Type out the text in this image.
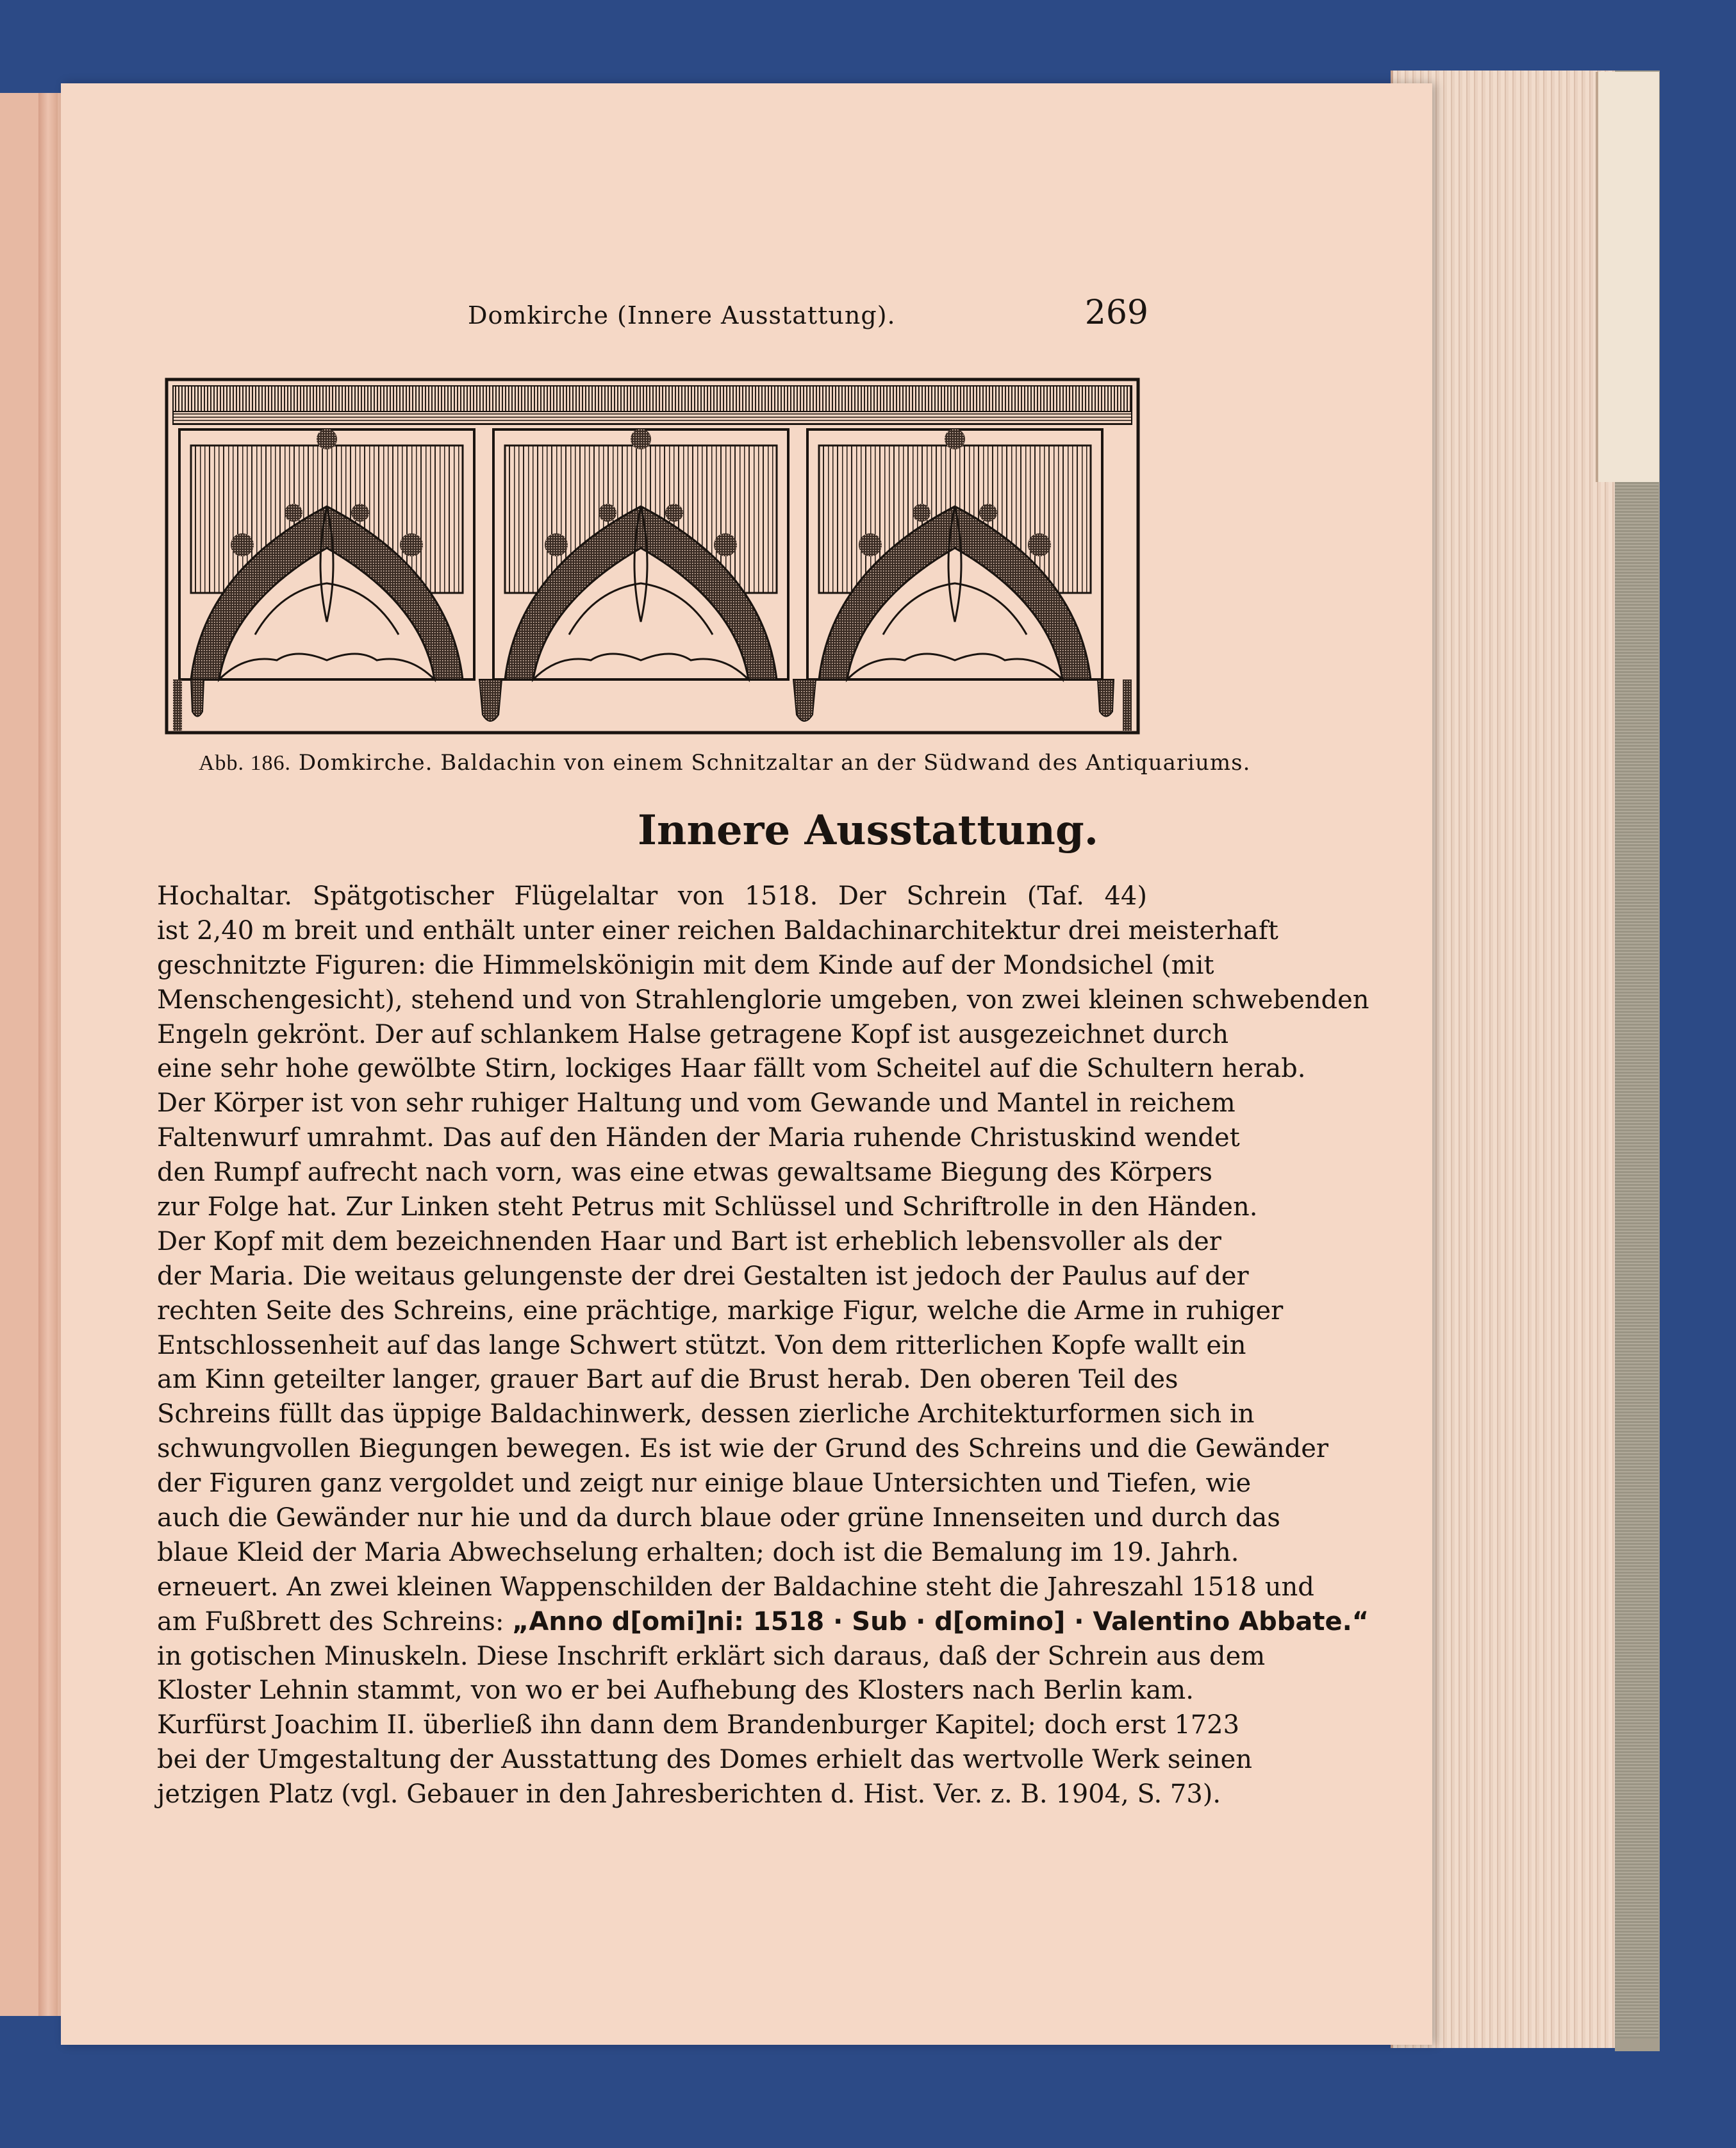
Domkirche (Innere Ausstattung).	269
Abb. 186. Domkirche. Baldachin von einem Schnitzaltar an der Südwand des Antiquariums.
Innere Ausstattung.
Hochaltar. Spätgotischer Flügelaltar von 1518. Der Schrein (Taf. 44)
ist 2,40 m breit und enthält unter einer reichen Baldachinarchitektur drei meisterhaft
geschnitzte Figuren: die Himmelskönigin mit dem Kinde auf der Mondsichel (mit
Menschengesicht), stehend und von Strahlenglorie umgeben, von zwei kleinen schwebenden
Engeln gekrönt. Der auf schlankem Halse getragene Kopf ist ausgezeichnet durch
eine sehr hohe gewölbte Stirn, lockiges Haar fällt vom Scheitel auf die Schultern herab.
Der Körper ist von sehr ruhiger Haltung und vom Gewande und Mantel in reichem
Faltenwurf umrahmt. Das auf den Händen der Maria ruhende Christuskind wendet
den Rumpf aufrecht nach vorn, was eine etwas gewaltsame Biegung des Körpers
zur Folge hat. Zur Linken steht Petrus mit Schlüssel und Schriftrolle in den Händen.
Der Kopf mit dem bezeichnenden Haar und Bart ist erheblich lebensvoller als der
der Maria. Die weitaus gelungenste der drei Gestalten ist jedoch der Paulus auf der
rechten Seite des Schreins, eine prächtige, markige Figur, welche die Arme in ruhiger
Entschlossenheit auf das lange Schwert stützt. Von dem ritterlichen Kopfe wallt ein
am Kinn geteilter langer, grauer Bart auf die Brust herab. Den oberen Teil des
Schreins füllt das üppige Baldachinwerk, dessen zierliche Architekturformen sich in
schwungvollen Biegungen bewegen. Es ist wie der Grund des Schreins und die Gewänder
der Figuren ganz vergoldet und zeigt nur einige blaue Untersichten und Tiefen, wie
auch die Gewänder nur hie und da durch blaue oder grüne Innenseiten und durch das
blaue Kleid der Maria Abwechselung erhalten; doch ist die Bemalung im 19. Jahrh.
erneuert. An zwei kleinen Wappenschilden der Baldachine steht die Jahreszahl 1518 und
am Fußbrett des Schreins: „Anno d[omi]ni: 1518 · Sub · d[omino] · Valentino Abbate.“
in gotischen Minuskeln. Diese Inschrift erklärt sich daraus, daß der Schrein aus dem
Kloster Lehnin stammt, von wo er bei Aufhebung des Klosters nach Berlin kam.
Kurfürst Joachim II. überließ ihn dann dem Brandenburger Kapitel; doch erst 1723
bei der Umgestaltung der Ausstattung des Domes erhielt das wertvolle Werk seinen
jetzigen Platz (vgl. Gebauer in den Jahresberichten d. Hist. Ver. z. B. 1904, S. 73).
